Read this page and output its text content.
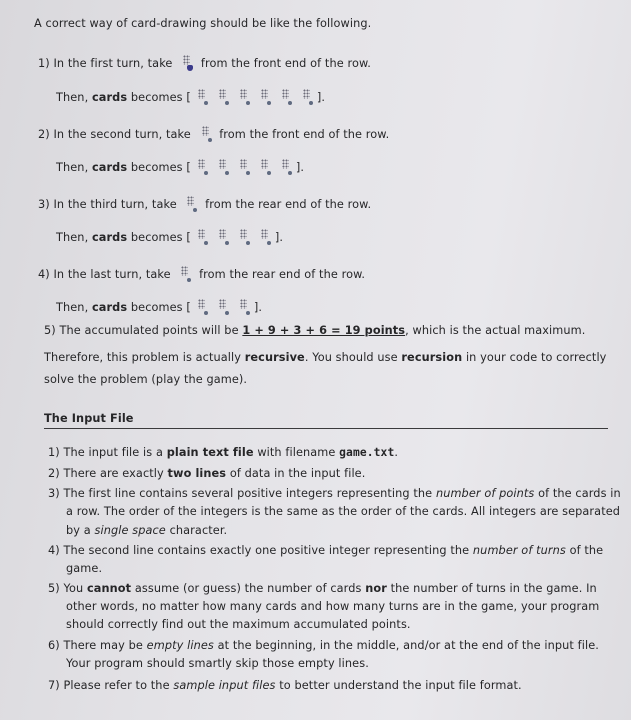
A correct way of card-drawing should be like the following.
1) In the first turn, take	from the front end of the row.
Then, cards becomes [	].
2) In the second turn, take	from the front end of the row.
Then, cards becomes [	].
3) In the third turn, take	from the rear end of the row.
Then, cards becomes [	].
4) In the last turn, take	from the rear end of the row.
Then, cards becomes [	].
5) The accumulated points will be 1 + 9 + 3 + 6 = 19 points, which is the actual maximum.
Therefore, this problem is actually recursive. You should use recursion in your code to correctly
solve the problem (play the game).
The Input File
1) The input file is a plain text file with filename game.txt.
2) There are exactly two lines of data in the input file.
3) The first line contains several positive integers representing the number of points of the cards in
a row. The order of the integers is the same as the order of the cards. All integers are separated
by a single space character.
4) The second line contains exactly one positive integer representing the number of turns of the
game.
5) You cannot assume (or guess) the number of cards nor the number of turns in the game. In
other words, no matter how many cards and how many turns are in the game, your program
should correctly find out the maximum accumulated points.
6) There may be empty lines at the beginning, in the middle, and/or at the end of the input file.
Your program should smartly skip those empty lines.
7) Please refer to the sample input files to better understand the input file format.
